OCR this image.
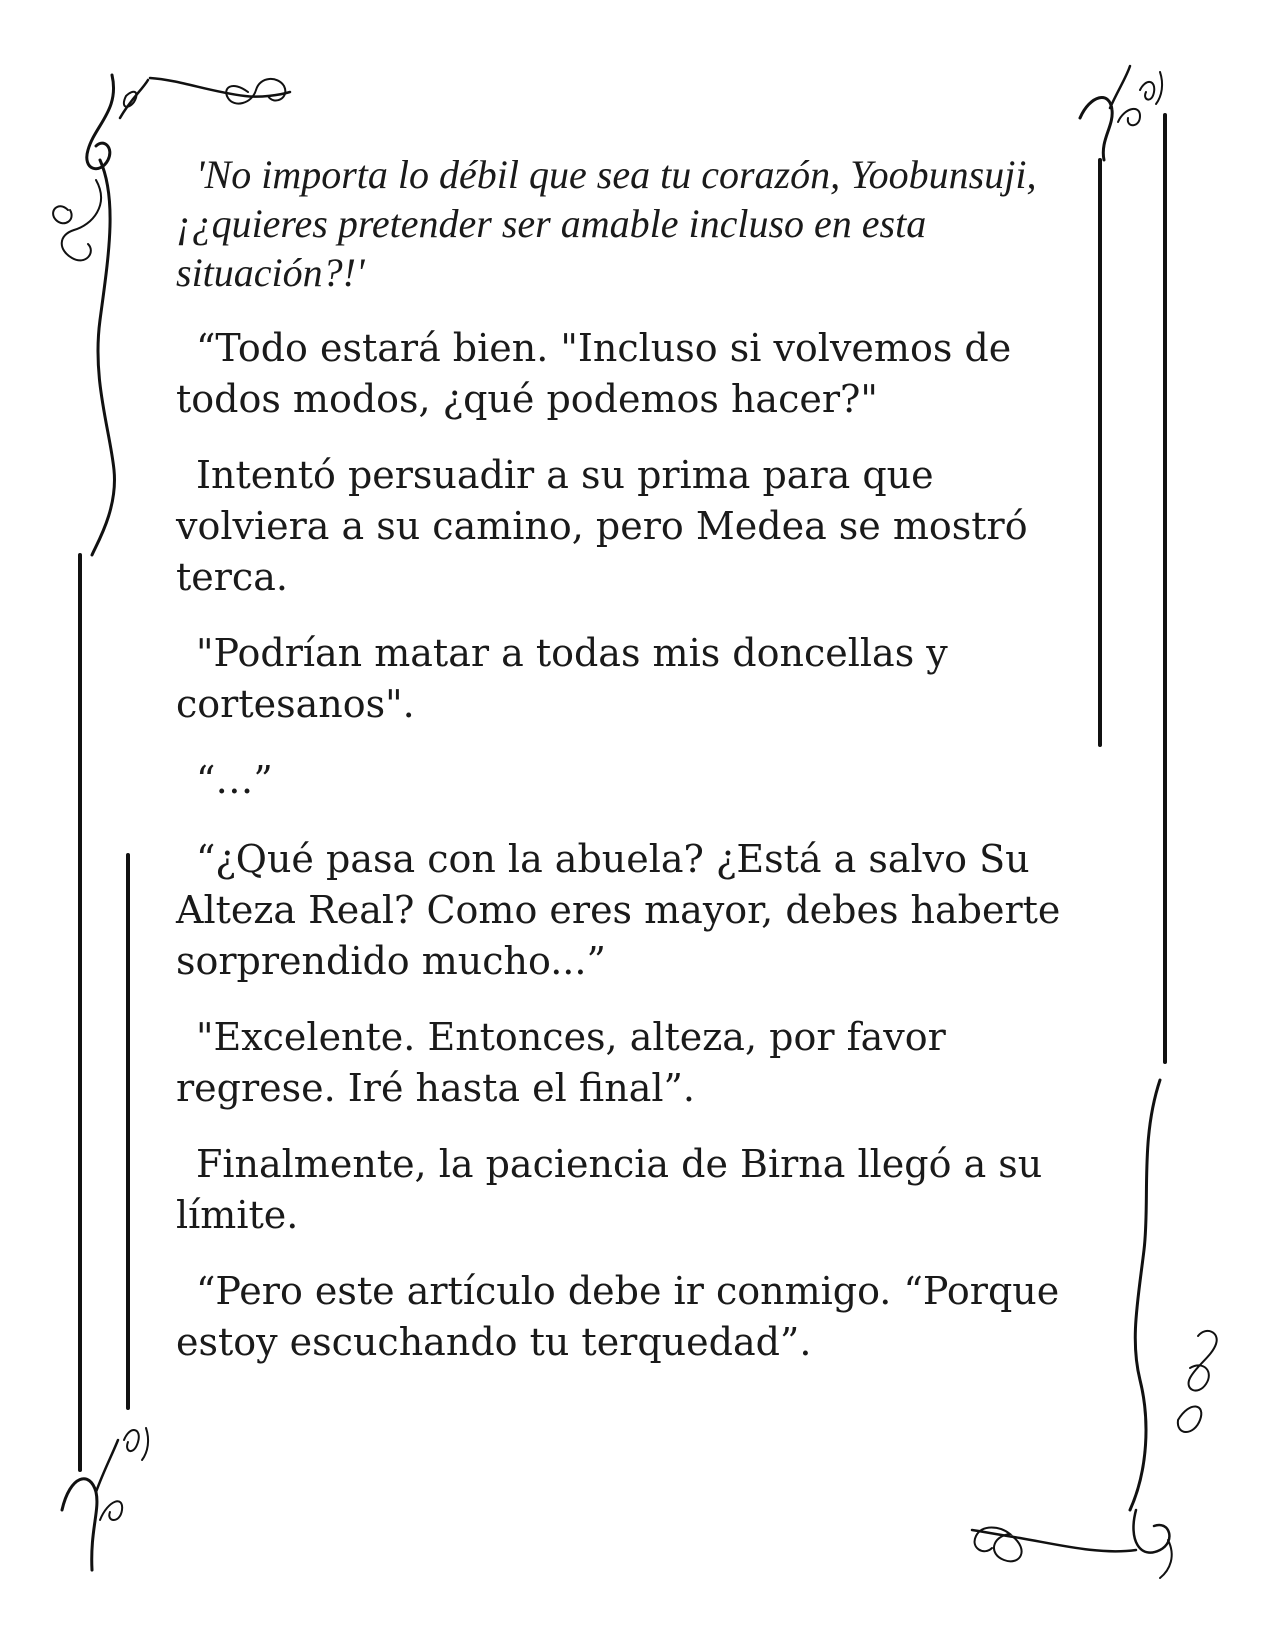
'No importa lo débil que sea tu corazón, Yoobunsuji, ¡¿quieres pretender ser amable incluso en esta situación?!'

“Todo estará bien. "Incluso si volvemos de todos modos, ¿qué podemos hacer?"

Intentó persuadir a su prima para que volviera a su camino, pero Medea se mostró terca.

"Podrían matar a todas mis doncellas y cortesanos".

“…”

“¿Qué pasa con la abuela? ¿Está a salvo Su Alteza Real? Como eres mayor, debes haberte sorprendido mucho...”

"Excelente. Entonces, alteza, por favor regrese. Iré hasta el final”.

Finalmente, la paciencia de Birna llegó a su límite.

“Pero este artículo debe ir conmigo. “Porque estoy escuchando tu terquedad”.
